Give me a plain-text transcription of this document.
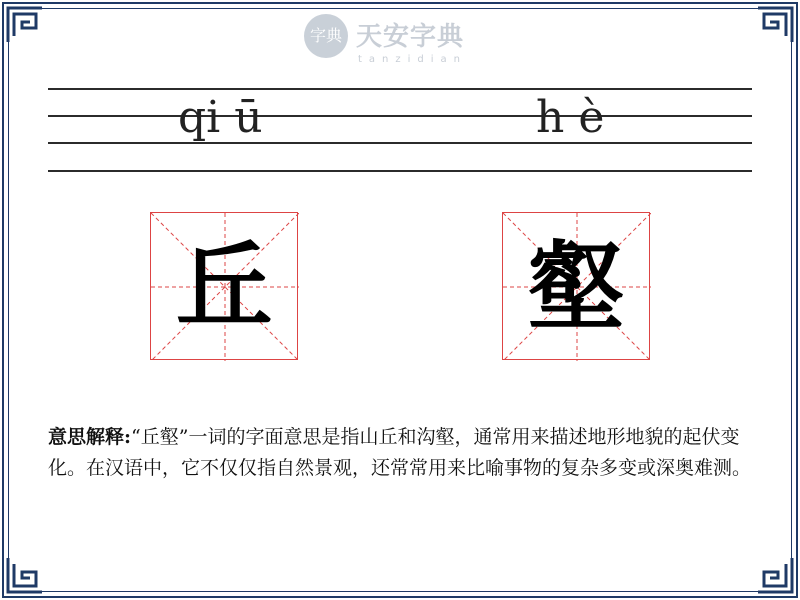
字典 天安字典
tanzidian
qi ū	h è
丘	壑
意思解释:“丘壑”一词的字面意思是指山丘和沟壑，通常用来描述地形地貌的起伏变化。在汉语中，它不仅仅指自然景观，还常常用来比喻事物的复杂多变或深奥难测。
